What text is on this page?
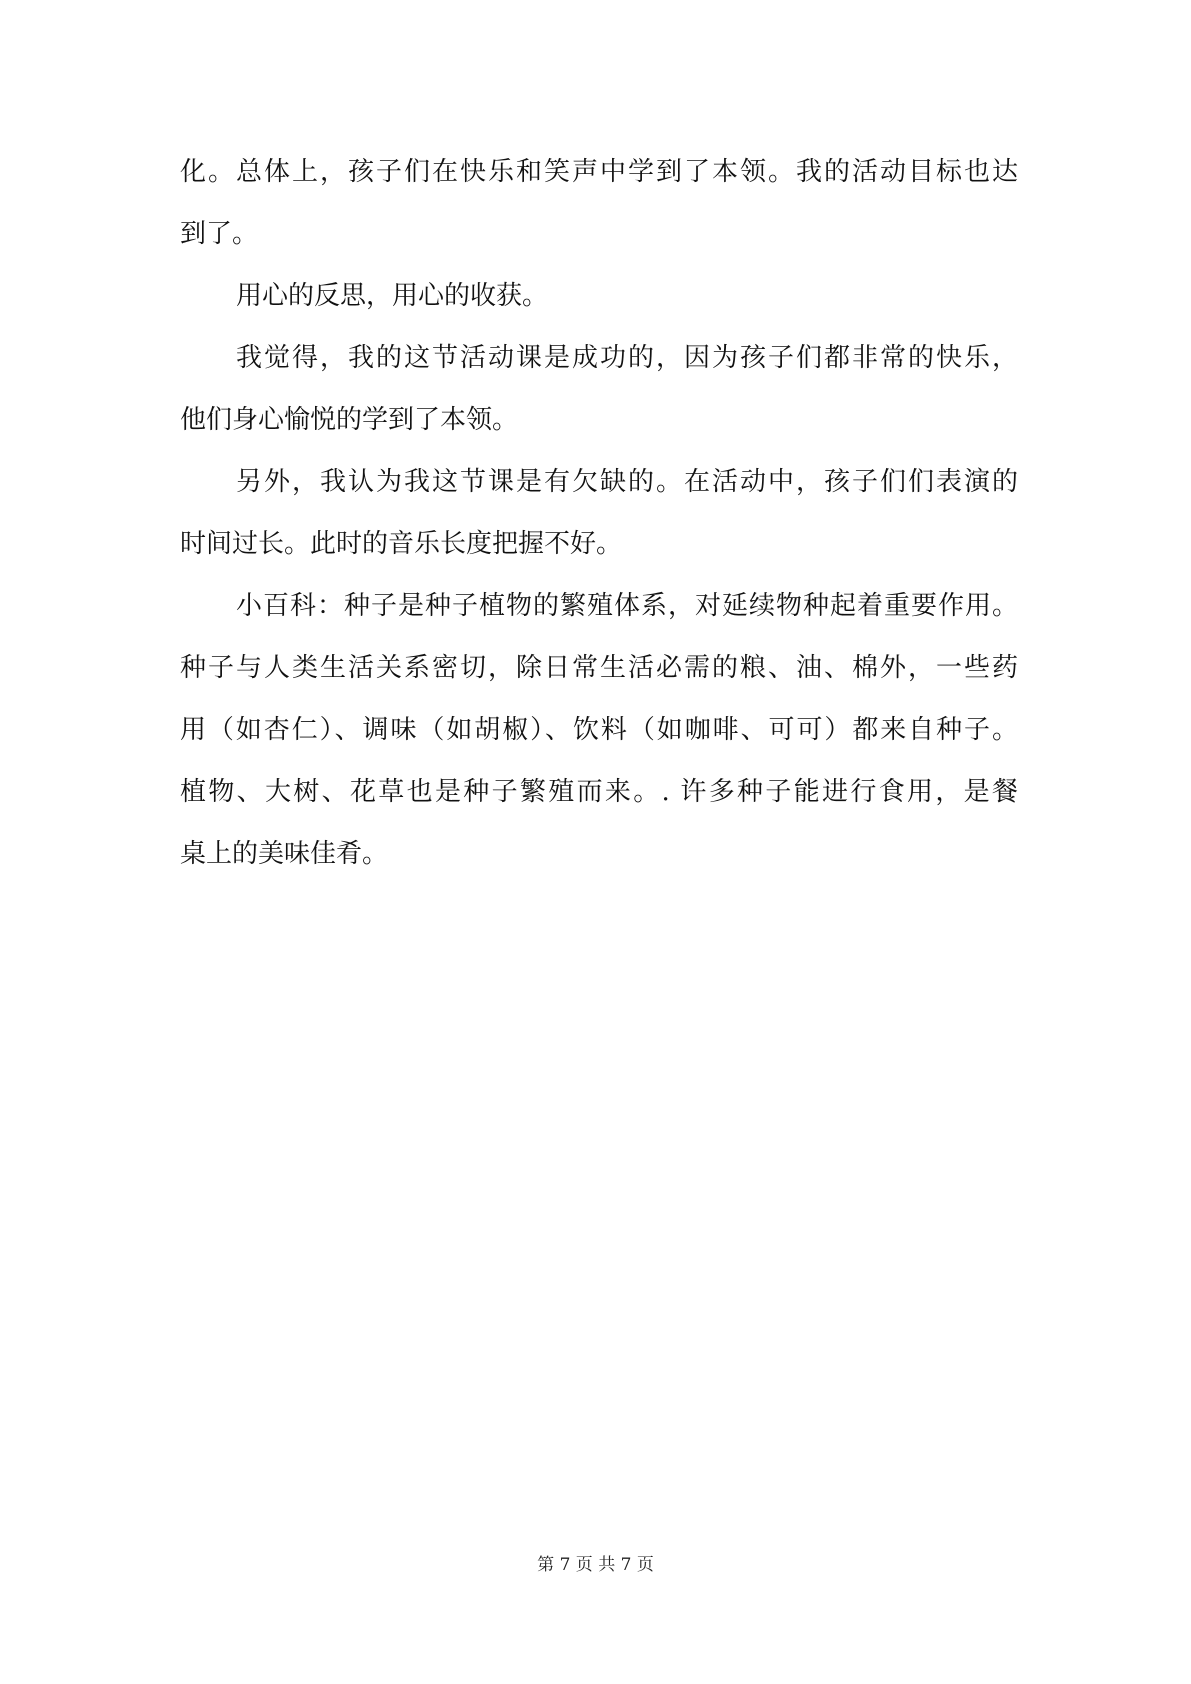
化。总体上，孩子们在快乐和笑声中学到了本领。我的活动目标也达
到了。
用心的反思，用心的收获。
我觉得，我的这节活动课是成功的，因为孩子们都非常的快乐，
他们身心愉悦的学到了本领。
另外，我认为我这节课是有欠缺的。在活动中，孩子们们表演的
时间过长。此时的音乐长度把握不好。
小百科：种子是种子植物的繁殖体系，对延续物种起着重要作用。
种子与人类生活关系密切，除日常生活必需的粮、油、棉外，一些药
用（如杏仁）、调味（如胡椒）、饮料（如咖啡、可可）都来自种子。
植物、大树、花草也是种子繁殖而来。. 许多种子能进行食用，是餐
桌上的美味佳肴。
第 7 页 共 7 页
